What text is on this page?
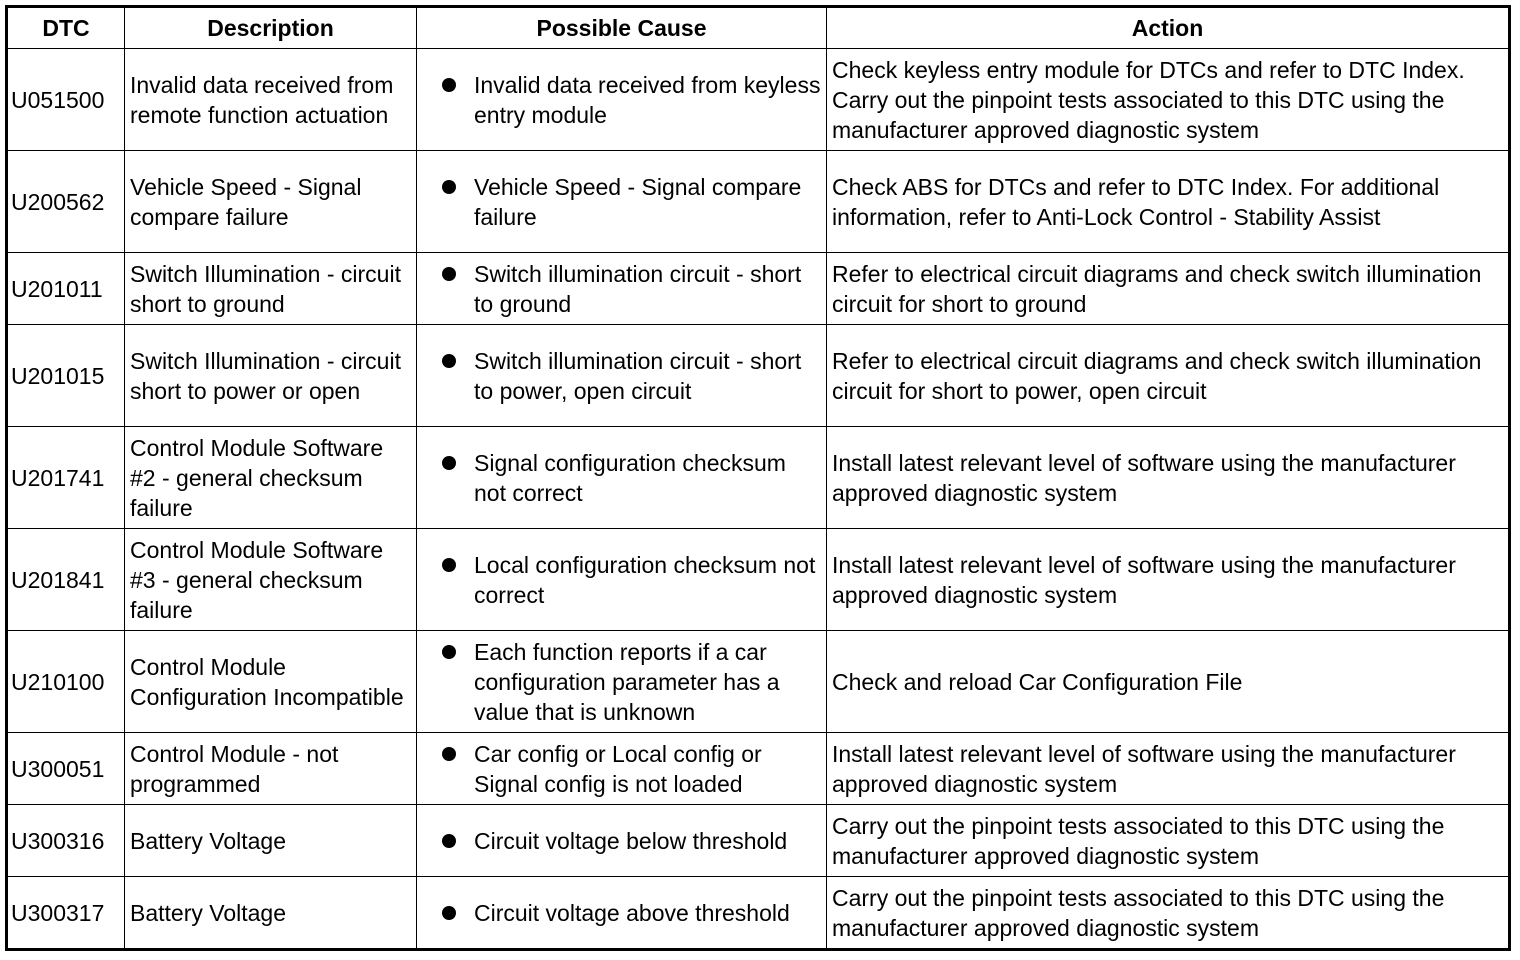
DTC	Description	Possible Cause	Action
U051500	Invalid data received from remote function actuation	Invalid data received from keyless entry module	Check keyless entry module for DTCs and refer to DTC Index. Carry out the pinpoint tests associated to this DTC using the manufacturer approved diagnostic system
U200562	Vehicle Speed - Signal compare failure	Vehicle Speed - Signal compare failure	Check ABS for DTCs and refer to DTC Index. For additional information, refer to Anti-Lock Control - Stability Assist
U201011	Switch Illumination - circuit short to ground	Switch illumination circuit - short to ground	Refer to electrical circuit diagrams and check switch illumination circuit for short to ground
U201015	Switch Illumination - circuit short to power or open	Switch illumination circuit - short to power, open circuit	Refer to electrical circuit diagrams and check switch illumination circuit for short to power, open circuit
U201741	Control Module Software #2 - general checksum failure	Signal configuration checksum not correct	Install latest relevant level of software using the manufacturer approved diagnostic system
U201841	Control Module Software #3 - general checksum failure	Local configuration checksum not correct	Install latest relevant level of software using the manufacturer approved diagnostic system
U210100	Control Module Configuration Incompatible	Each function reports if a car configuration parameter has a value that is unknown	Check and reload Car Configuration File
U300051	Control Module - not programmed	Car config or Local config or Signal config is not loaded	Install latest relevant level of software using the manufacturer approved diagnostic system
U300316	Battery Voltage	Circuit voltage below threshold	Carry out the pinpoint tests associated to this DTC using the manufacturer approved diagnostic system
U300317	Battery Voltage	Circuit voltage above threshold	Carry out the pinpoint tests associated to this DTC using the manufacturer approved diagnostic system
